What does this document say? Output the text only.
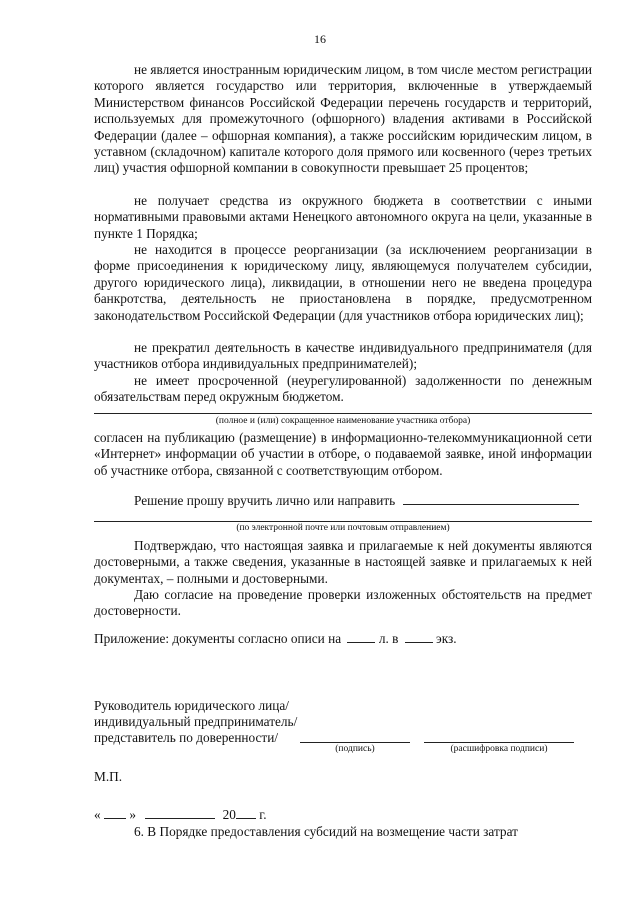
16

не является иностранным юридическим лицом, в том числе местом регистрации которого является государство или территория, включенные в утверждаемый Министерством финансов Российской Федерации перечень государств и территорий, используемых для промежуточного (офшорного) владения активами в Российской Федерации (далее – офшорная компания), а также российским юридическим лицом, в уставном (складочном) капитале которого доля прямого или косвенного (через третьих лиц) участия офшорной компании в совокупности превышает 25 процентов;

не получает средства из окружного бюджета в соответствии с иными нормативными правовыми актами Ненецкого автономного округа на цели, указанные в пункте 1 Порядка;

не находится в процессе реорганизации (за исключением реорганизации в форме присоединения к юридическому лицу, являющемуся получателем субсидии, другого юридического лица), ликвидации, в отношении него не введена процедура банкротства, деятельность не приостановлена в порядке, предусмотренном законодательством Российской Федерации (для участников отбора юридических лиц);

не прекратил деятельность в качестве индивидуального предпринимателя (для участников отбора индивидуальных предпринимателей);

не имеет просроченной (неурегулированной) задолженности по денежным обязательствам перед окружным бюджетом.

(полное и (или) сокращенное наименование участника отбора)

согласен на публикацию (размещение) в информационно-телекоммуникационной сети «Интернет» информации об участии в отборе, о подаваемой заявке, иной информации об участнике отбора, связанной с соответствующим отбором.

Решение прошу вручить лично или направить
(по электронной почте или почтовым отправлением)

Подтверждаю, что настоящая заявка и прилагаемые к ней документы являются достоверными, а также сведения, указанные в настоящей заявке и прилагаемых к ней документах, – полными и достоверными.

Даю согласие на проведение проверки изложенных обстоятельств на предмет достоверности.

Приложение: документы согласно описи на	л. в	экз.
Руководитель юридического лица/
индивидуальный предприниматель/
представитель по доверенности/
(подпись)	(расшифровка подписи)
М.П.
« »	20 г.

6. В Порядке предоставления субсидий на возмещение части затрат
